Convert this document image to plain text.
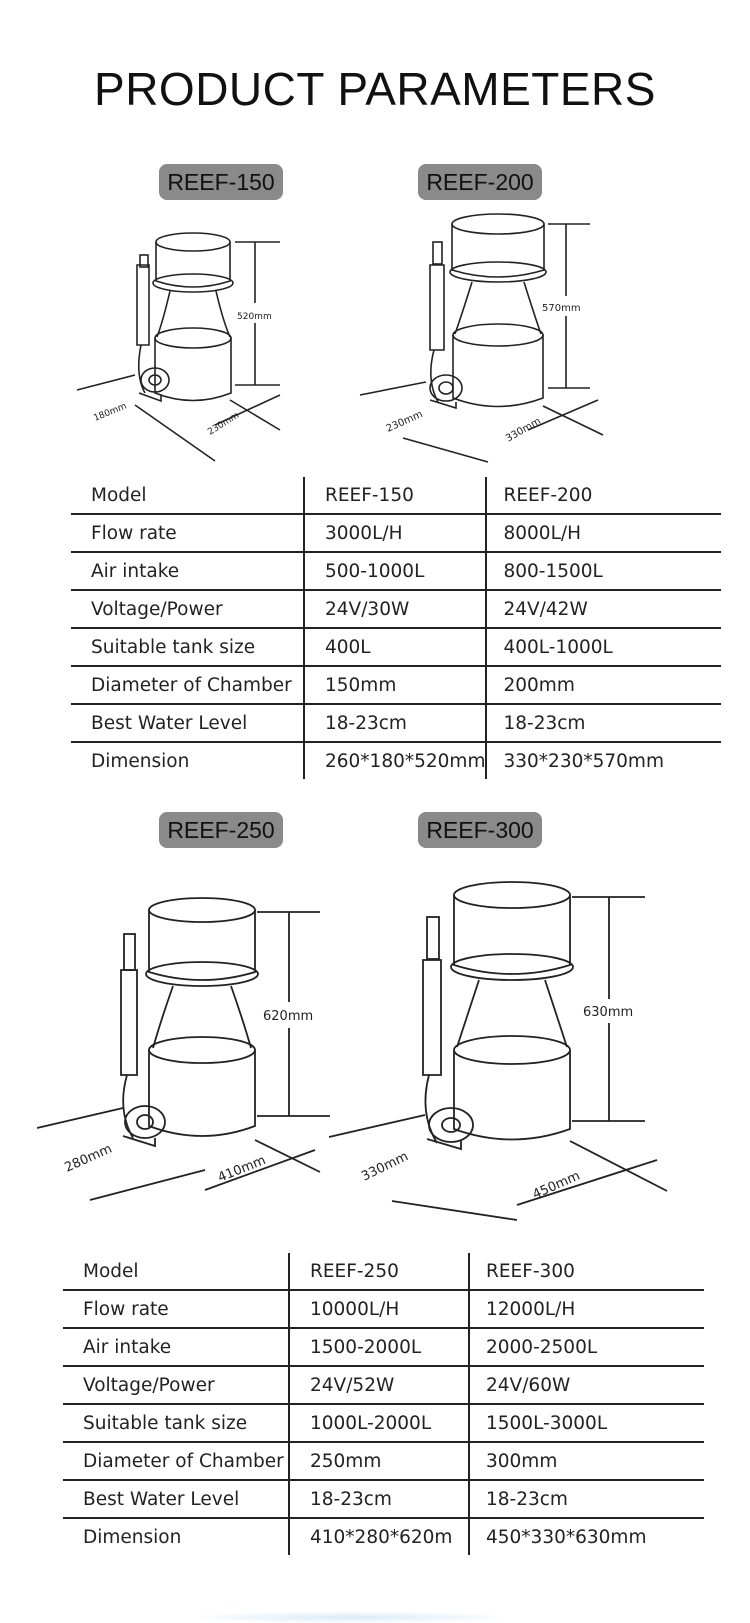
PRODUCT PARAMETERS
REEF-150	REEF-200
520mm
180mm	230mm
570mm
230mm	330mm
Model	REEF-150	REEF-200
Flow rate	3000L/H	8000L/H
Air intake	500-1000L	800-1500L
Voltage/Power	24V/30W	24V/42W
Suitable tank size	400L	400L-1000L
Diameter of Chamber	150mm	200mm
Best Water Level	18-23cm	18-23cm
Dimension	260*180*520mm	330*230*570mm
REEF-250	REEF-300
620mm
280mm	410mm
630mm
330mm
450mm
Model	REEF-250	REEF-300
Flow rate	10000L/H	12000L/H
Air intake	1500-2000L	2000-2500L
Voltage/Power	24V/52W	24V/60W
Suitable tank size	1000L-2000L	1500L-3000L
Diameter of Chamber	250mm	300mm
Best Water Level	18-23cm	18-23cm
Dimension	410*280*620m	450*330*630mm
